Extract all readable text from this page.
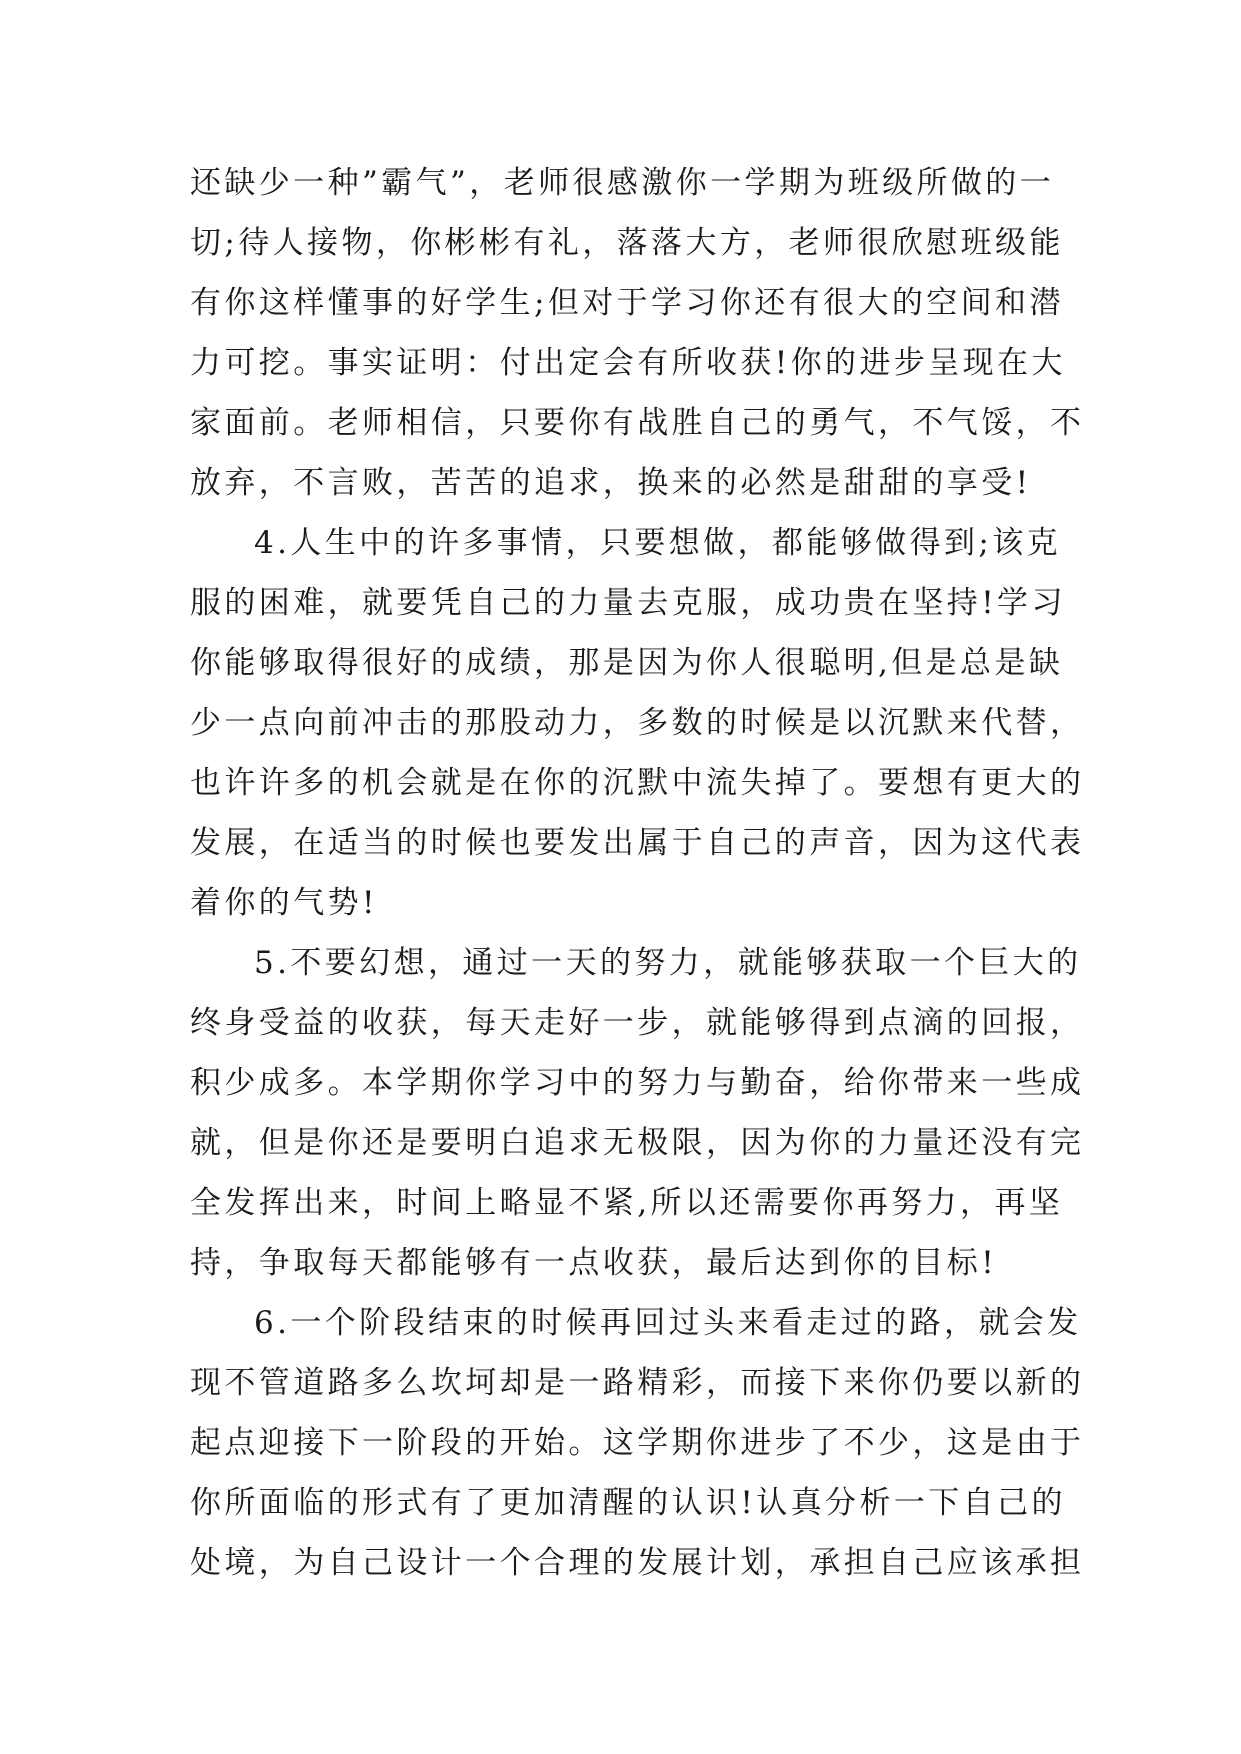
还缺少一种”霸气”，老师很感激你一学期为班级所做的一
切;待人接物，你彬彬有礼，落落大方，老师很欣慰班级能
有你这样懂事的好学生;但对于学习你还有很大的空间和潜
力可挖。事实证明：付出定会有所收获!你的进步呈现在大
家面前。老师相信，只要你有战胜自己的勇气，不气馁，不
放弃，不言败，苦苦的追求，换来的必然是甜甜的享受!
4.人生中的许多事情，只要想做，都能够做得到;该克
服的困难，就要凭自己的力量去克服，成功贵在坚持!学习
你能够取得很好的成绩，那是因为你人很聪明,但是总是缺
少一点向前冲击的那股动力，多数的时候是以沉默来代替，
也许许多的机会就是在你的沉默中流失掉了。要想有更大的
发展，在适当的时候也要发出属于自己的声音，因为这代表
着你的气势!
5.不要幻想，通过一天的努力，就能够获取一个巨大的
终身受益的收获，每天走好一步，就能够得到点滴的回报，
积少成多。本学期你学习中的努力与勤奋，给你带来一些成
就，但是你还是要明白追求无极限，因为你的力量还没有完
全发挥出来，时间上略显不紧,所以还需要你再努力，再坚
持，争取每天都能够有一点收获，最后达到你的目标!
6.一个阶段结束的时候再回过头来看走过的路，就会发
现不管道路多么坎坷却是一路精彩，而接下来你仍要以新的
起点迎接下一阶段的开始。这学期你进步了不少，这是由于
你所面临的形式有了更加清醒的认识!认真分析一下自己的
处境，为自己设计一个合理的发展计划，承担自己应该承担
